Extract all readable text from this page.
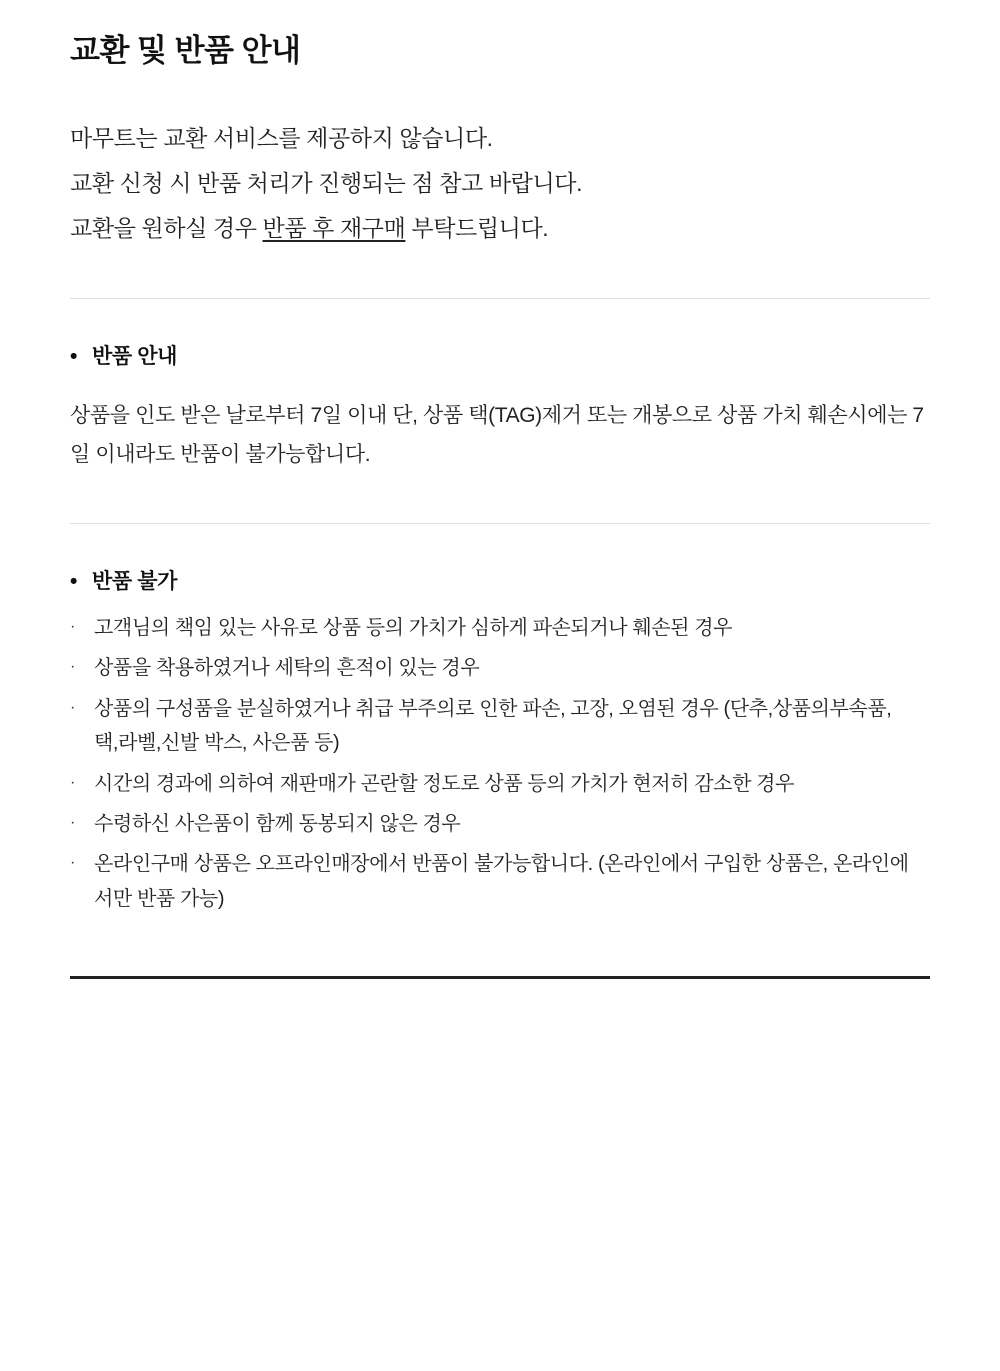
교환 및 반품 안내
마무트는 교환 서비스를 제공하지 않습니다.
교환 신청 시 반품 처리가 진행되는 점 참고 바랍니다.
교환을 원하실 경우 반품 후 재구매 부탁드립니다.
• 반품 안내
상품을 인도 받은 날로부터 7일 이내 단, 상품 택(TAG)제거 또는 개봉으로 상품 가치 훼손시에는 7일 이내라도 반품이 불가능합니다.
• 반품 불가
· 고객님의 책임 있는 사유로 상품 등의 가치가 심하게 파손되거나 훼손된 경우
· 상품을 착용하였거나 세탁의 흔적이 있는 경우
· 상품의 구성품을 분실하였거나 취급 부주의로 인한 파손, 고장, 오염된 경우 (단추,상품의부속품, 택,라벨,신발 박스, 사은품 등)
· 시간의 경과에 의하여 재판매가 곤란할 정도로 상품 등의 가치가 현저히 감소한 경우
· 수령하신 사은품이 함께 동봉되지 않은 경우
· 온라인구매 상품은 오프라인매장에서 반품이 불가능합니다. (온라인에서 구입한 상품은, 온라인에서만 반품 가능)
